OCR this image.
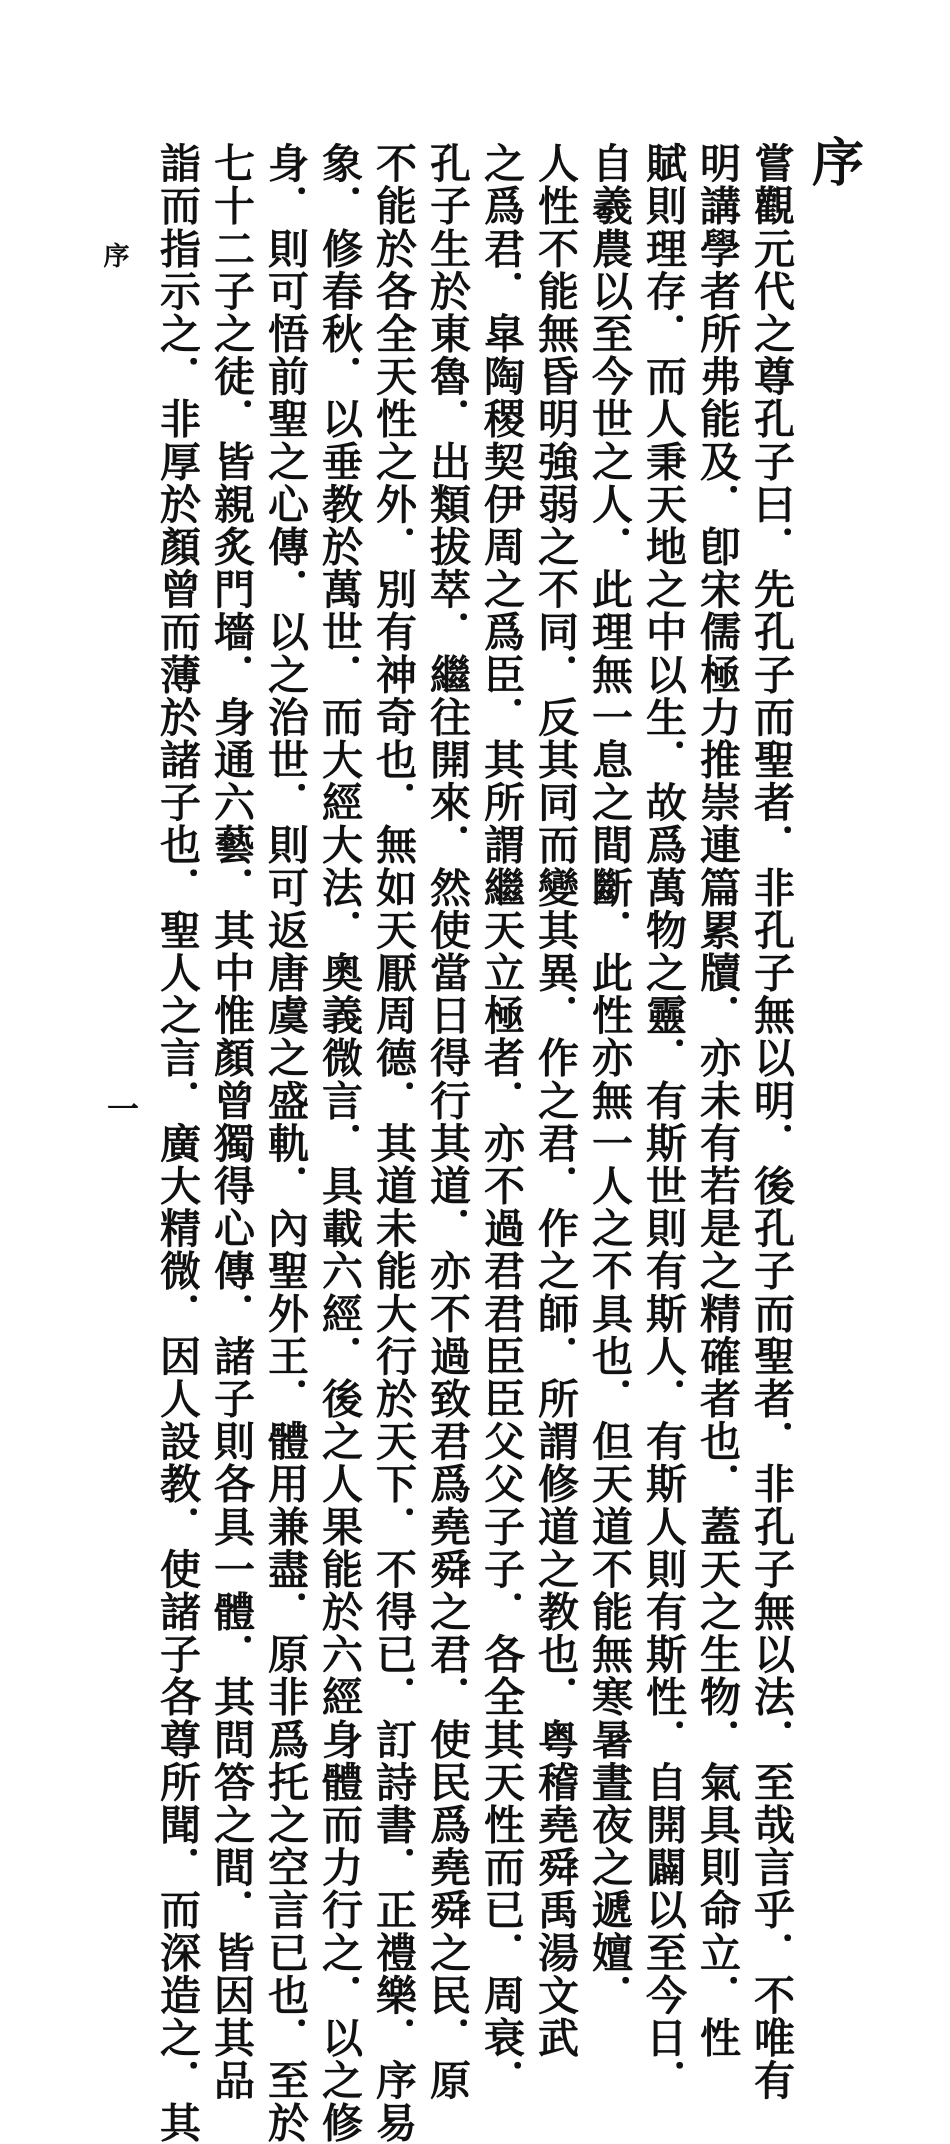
序
嘗觀元代之尊孔子曰．先孔子而聖者．非孔子無以明．後孔子而聖者．非孔子無以法．至哉言乎．不唯有
明講學者所弗能及．卽宋儒極力推崇連篇累牘．亦未有若是之精確者也．蓋天之生物．氣具則命立．性
賦則理存．而人秉天地之中以生．故爲萬物之靈．有斯世則有斯人．有斯人則有斯性．自開闢以至今日．
自羲農以至今世之人．此理無一息之間斷．此性亦無一人之不具也．但天道不能無寒暑晝夜之遞嬗．
人性不能無昏明強弱之不同．反其同而變其異．作之君．作之師．所謂修道之教也．粤稽堯舜禹湯文武
之爲君．皐陶稷契伊周之爲臣．其所謂繼天立極者．亦不過君君臣臣父父子子．各全其天性而已．周衰．
孔子生於東魯．出類拔萃．繼往開來．然使當日得行其道．亦不過致君爲堯舜之君．使民爲堯舜之民．原
不能於各全天性之外．別有神奇也．無如天厭周德．其道未能大行於天下．不得已．訂詩書．正禮樂．序易
象．修春秋．以垂教於萬世．而大經大法．奧義微言．具載六經．後之人果能於六經身體而力行之．以之修
身．則可悟前聖之心傳．以之治世．則可返唐虞之盛軌．內聖外王．體用兼盡．原非爲托之空言已也．至於
七十二子之徒．皆親炙門墻．身通六藝．其中惟顏曾獨得心傳．諸子則各具一體．其問答之間．皆因其品
詣而指示之．非厚於顏曾而薄於諸子也．聖人之言．廣大精微．因人設教．使諸子各尊所聞．而深造之．其
序
一
